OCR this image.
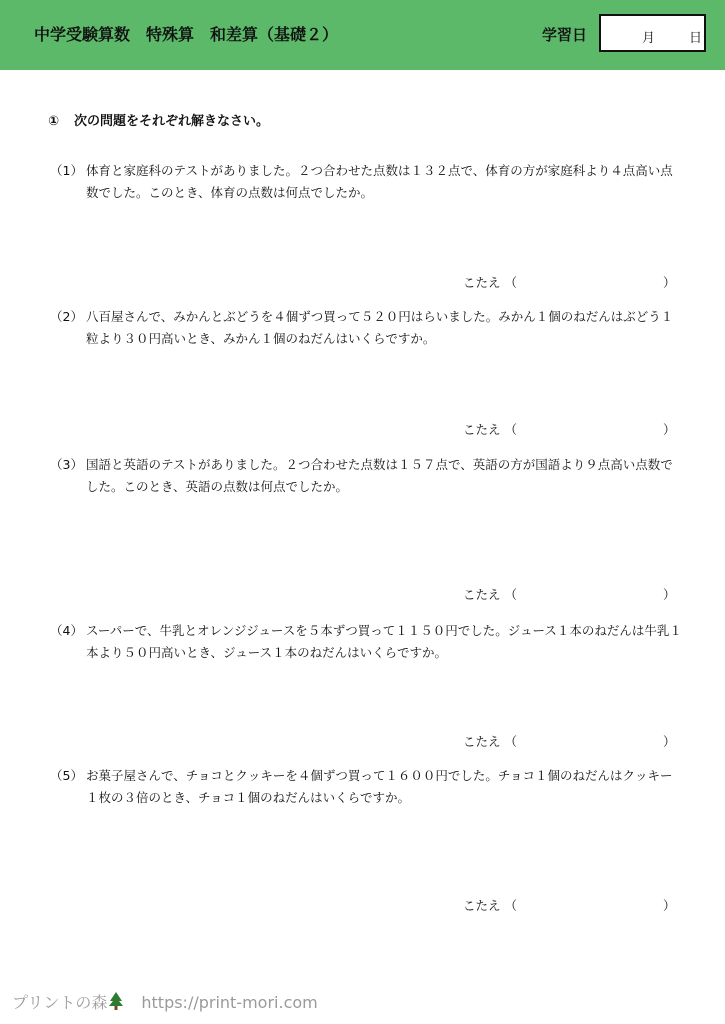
中学受験算数　特殊算　和差算（基礎２）	学習日	月	日
① 次の問題をそれぞれ解きなさい。
（1） 体育と家庭科のテストがありました。２つ合わせた点数は１３２点で、体育の方が家庭科より４点高い点数でした。このとき、体育の点数は何点でしたか。
こたえ （	）
（2） 八百屋さんで、みかんとぶどうを４個ずつ買って５２０円はらいました。みかん１個のねだんはぶどう１粒より３０円高いとき、みかん１個のねだんはいくらですか。
こたえ （	）
（3） 国語と英語のテストがありました。２つ合わせた点数は１５７点で、英語の方が国語より９点高い点数でした。このとき、英語の点数は何点でしたか。
こたえ （	）
（4） スーパーで、牛乳とオレンジジュースを５本ずつ買って１１５０円でした。ジュース１本のねだんは牛乳１本より５０円高いとき、ジュース１本のねだんはいくらですか。
こたえ （	）
（5） お菓子屋さんで、チョコとクッキーを４個ずつ買って１６００円でした。チョコ１個のねだんはクッキー１枚の３倍のとき、チョコ１個のねだんはいくらですか。
こたえ （	）
プリントの森 https://print-mori.com
